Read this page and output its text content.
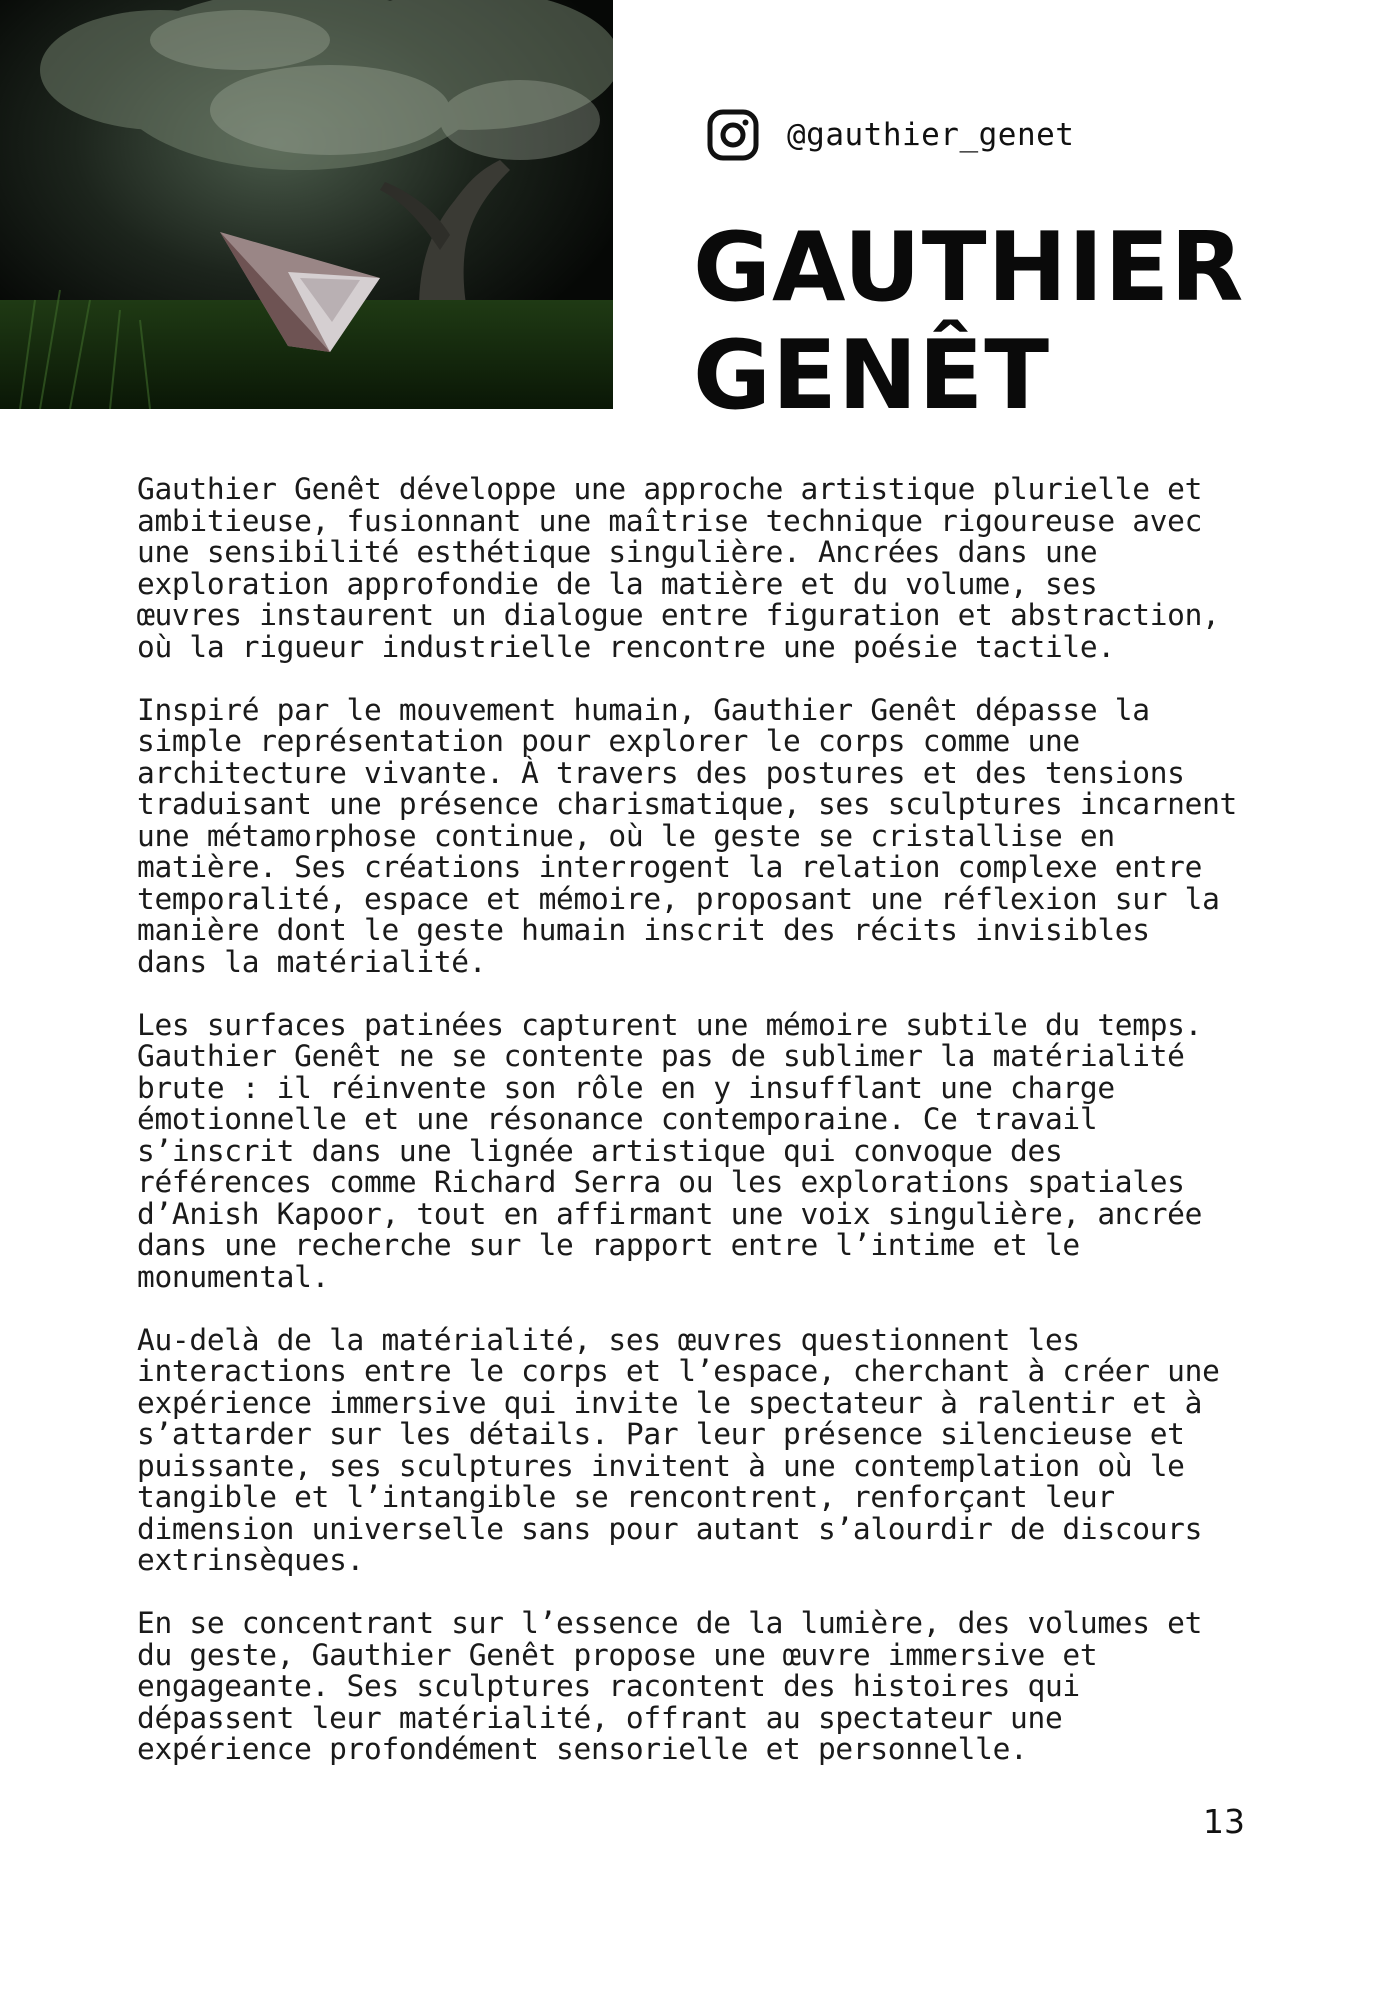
@gauthier_genet
GAUTHIER
GENÊT

Gauthier Genêt développe une approche artistique plurielle et
ambitieuse, fusionnant une maîtrise technique rigoureuse avec
une sensibilité esthétique singulière. Ancrées dans une
exploration approfondie de la matière et du volume, ses
œuvres instaurent un dialogue entre figuration et abstraction,
où la rigueur industrielle rencontre une poésie tactile.

Inspiré par le mouvement humain, Gauthier Genêt dépasse la
simple représentation pour explorer le corps comme une
architecture vivante. À travers des postures et des tensions
traduisant une présence charismatique, ses sculptures incarnent
une métamorphose continue, où le geste se cristallise en
matière. Ses créations interrogent la relation complexe entre
temporalité, espace et mémoire, proposant une réflexion sur la
manière dont le geste humain inscrit des récits invisibles
dans la matérialité.

Les surfaces patinées capturent une mémoire subtile du temps.
Gauthier Genêt ne se contente pas de sublimer la matérialité
brute : il réinvente son rôle en y insufflant une charge
émotionnelle et une résonance contemporaine. Ce travail
s’inscrit dans une lignée artistique qui convoque des
références comme Richard Serra ou les explorations spatiales
d’Anish Kapoor, tout en affirmant une voix singulière, ancrée
dans une recherche sur le rapport entre l’intime et le
monumental.

Au-delà de la matérialité, ses œuvres questionnent les
interactions entre le corps et l’espace, cherchant à créer une
expérience immersive qui invite le spectateur à ralentir et à
s’attarder sur les détails. Par leur présence silencieuse et
puissante, ses sculptures invitent à une contemplation où le
tangible et l’intangible se rencontrent, renforçant leur
dimension universelle sans pour autant s’alourdir de discours
extrinsèques.

En se concentrant sur l’essence de la lumière, des volumes et
du geste, Gauthier Genêt propose une œuvre immersive et
engageante. Ses sculptures racontent des histoires qui
dépassent leur matérialité, offrant au spectateur une
expérience profondément sensorielle et personnelle.

13
